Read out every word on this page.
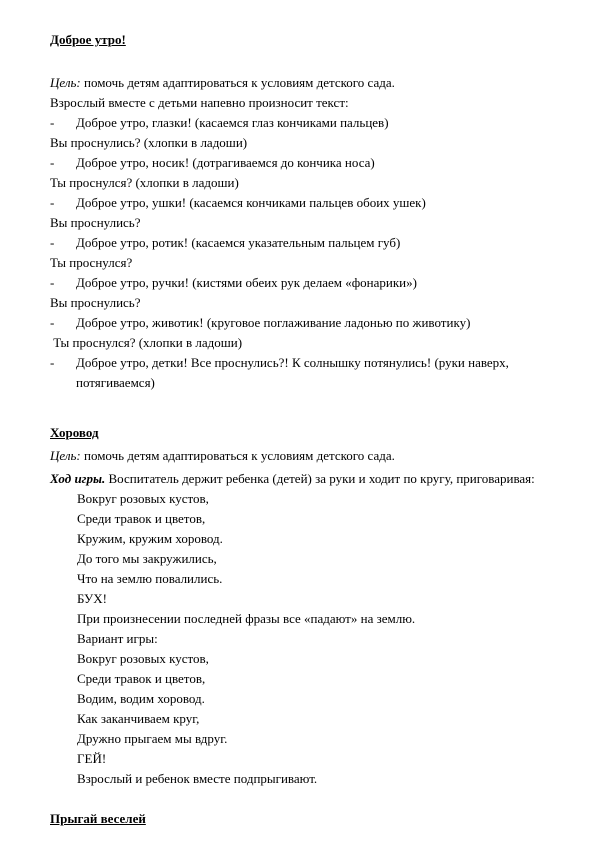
Доброе утро!

Цель: помочь детям адаптироваться к условиям детского сада.

Взрослый вместе с детьми напевно произносит текст:

-	Доброе утро, глазки! (касаемся глаз кончиками пальцев)

Вы проснулись? (хлопки в ладоши)

-	Доброе утро, носик! (дотрагиваемся до кончика носа)

Ты проснулся? (хлопки в ладоши)

-	Доброе утро, ушки! (касаемся кончиками пальцев обоих ушек)

Вы проснулись?

-	Доброе утро, ротик! (касаемся указательным пальцем губ)

Ты проснулся?

-	Доброе утро, ручки! (кистями обеих рук делаем «фонарики»)

Вы проснулись?

-	Доброе утро, животик! (круговое поглаживание ладонью по животику)

Ты проснулся? (хлопки в ладоши)

-	Доброе утро, детки! Все проснулись?! К солнышку потянулись! (руки наверх, потягиваемся)

Хоровод

Цель: помочь детям адаптироваться к условиям детского сада.

Ход игры. Воспитатель держит ребенка (детей) за руки и ходит по кругу, приговаривая:

Вокруг розовых кустов,

Среди травок и цветов,

Кружим, кружим хоровод.

До того мы закружились,

Что на землю повалились.

БУХ!

При произнесении последней фразы все «падают» на землю.

Вариант игры:

Вокруг розовых кустов,

Среди травок и цветов,

Водим, водим хоровод.

Как заканчиваем круг,

Дружно прыгаем мы вдруг.

ГЕЙ!

Взрослый и ребенок вместе подпрыгивают.

Прыгай веселей
